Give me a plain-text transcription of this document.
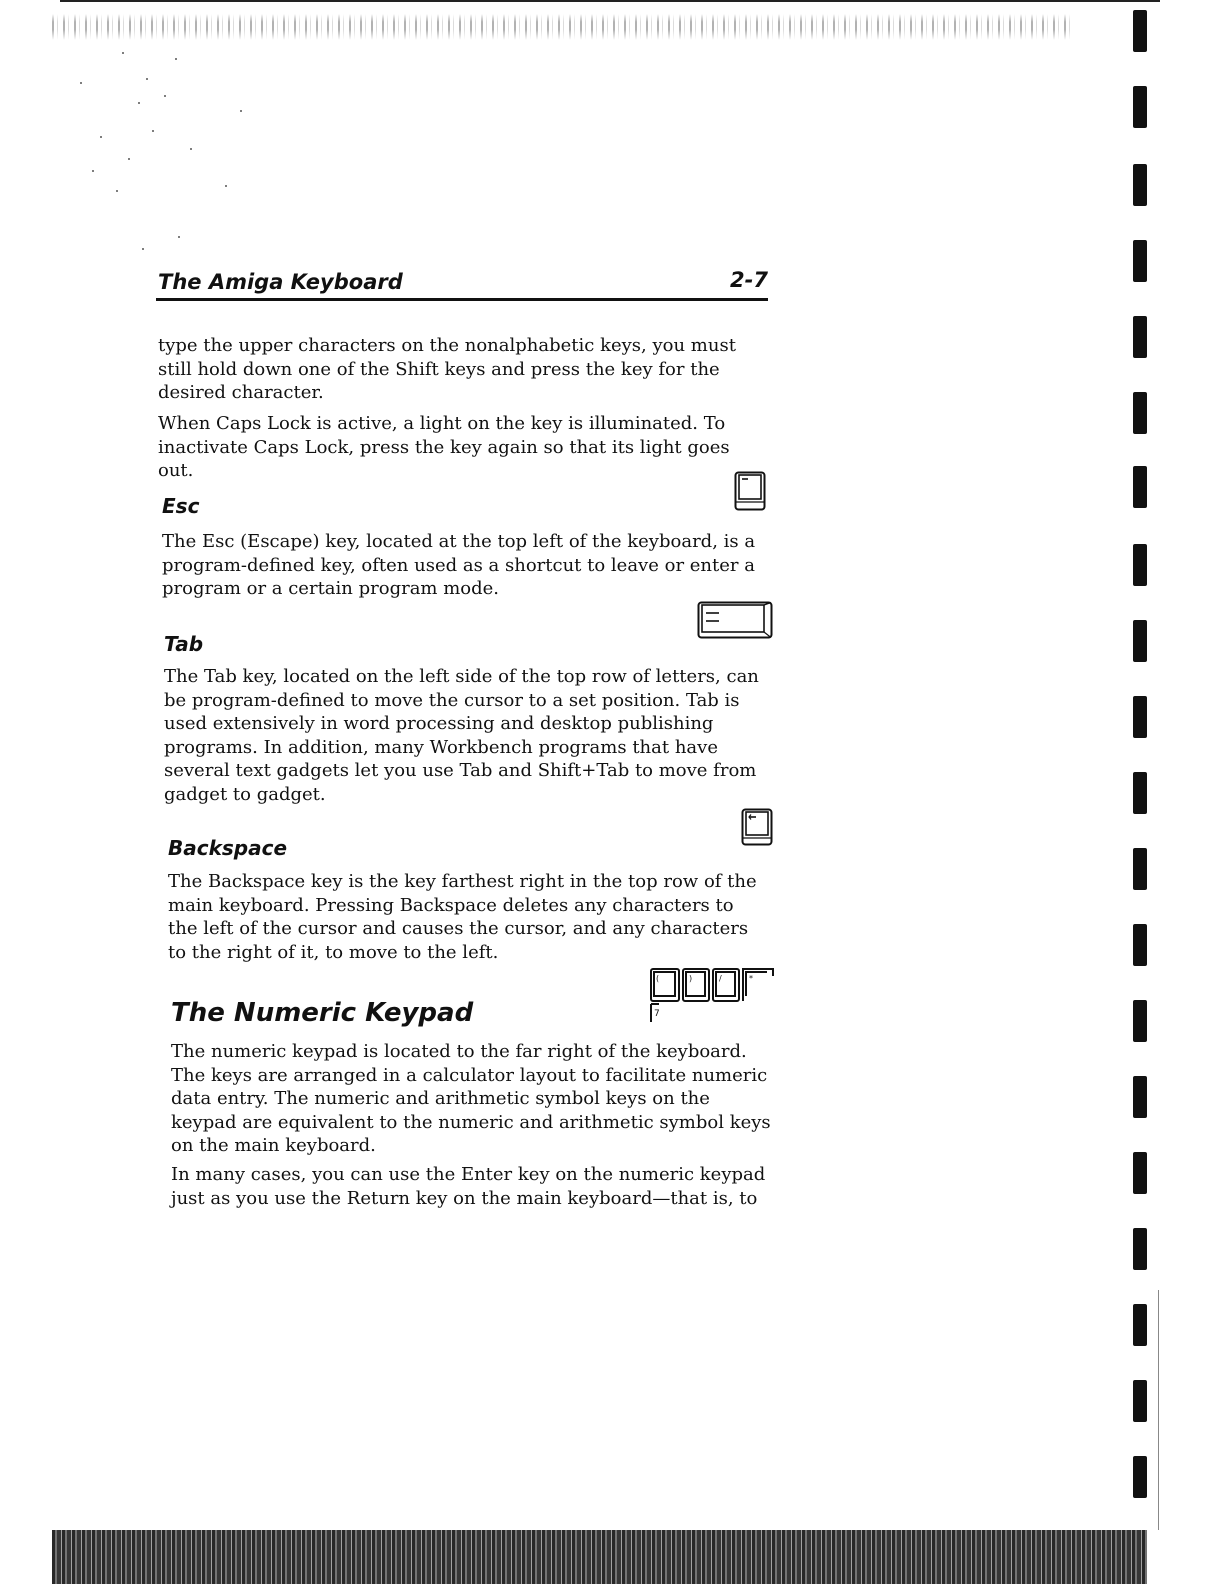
The Amiga Keyboard	2-7

type the upper characters on the nonalphabetic keys, you must still hold down one of the Shift keys and press the key for the desired character.

When Caps Lock is active, a light on the key is illuminated. To inactivate Caps Lock, press the key again so that its light goes out.

Esc

The Esc (Escape) key, located at the top left of the keyboard, is a program-defined key, often used as a shortcut to leave or enter a program or a certain program mode.

Tab

The Tab key, located on the left side of the top row of letters, can be program-defined to move the cursor to a set position. Tab is used extensively in word processing and desktop publishing programs. In addition, many Workbench programs that have several text gadgets let you use Tab and Shift+Tab to move from gadget to gadget.

Backspace

The Backspace key is the key farthest right in the top row of the main keyboard. Pressing Backspace deletes any characters to the left of the cursor and causes the cursor, and any characters to the right of it, to move to the left.

The Numeric Keypad
(	)	/	*
7

The numeric keypad is located to the far right of the keyboard. The keys are arranged in a calculator layout to facilitate numeric data entry. The numeric and arithmetic symbol keys on the keypad are equivalent to the numeric and arithmetic symbol keys on the main keyboard.

In many cases, you can use the Enter key on the numeric keypad just as you use the Return key on the main keyboard—that is, to
